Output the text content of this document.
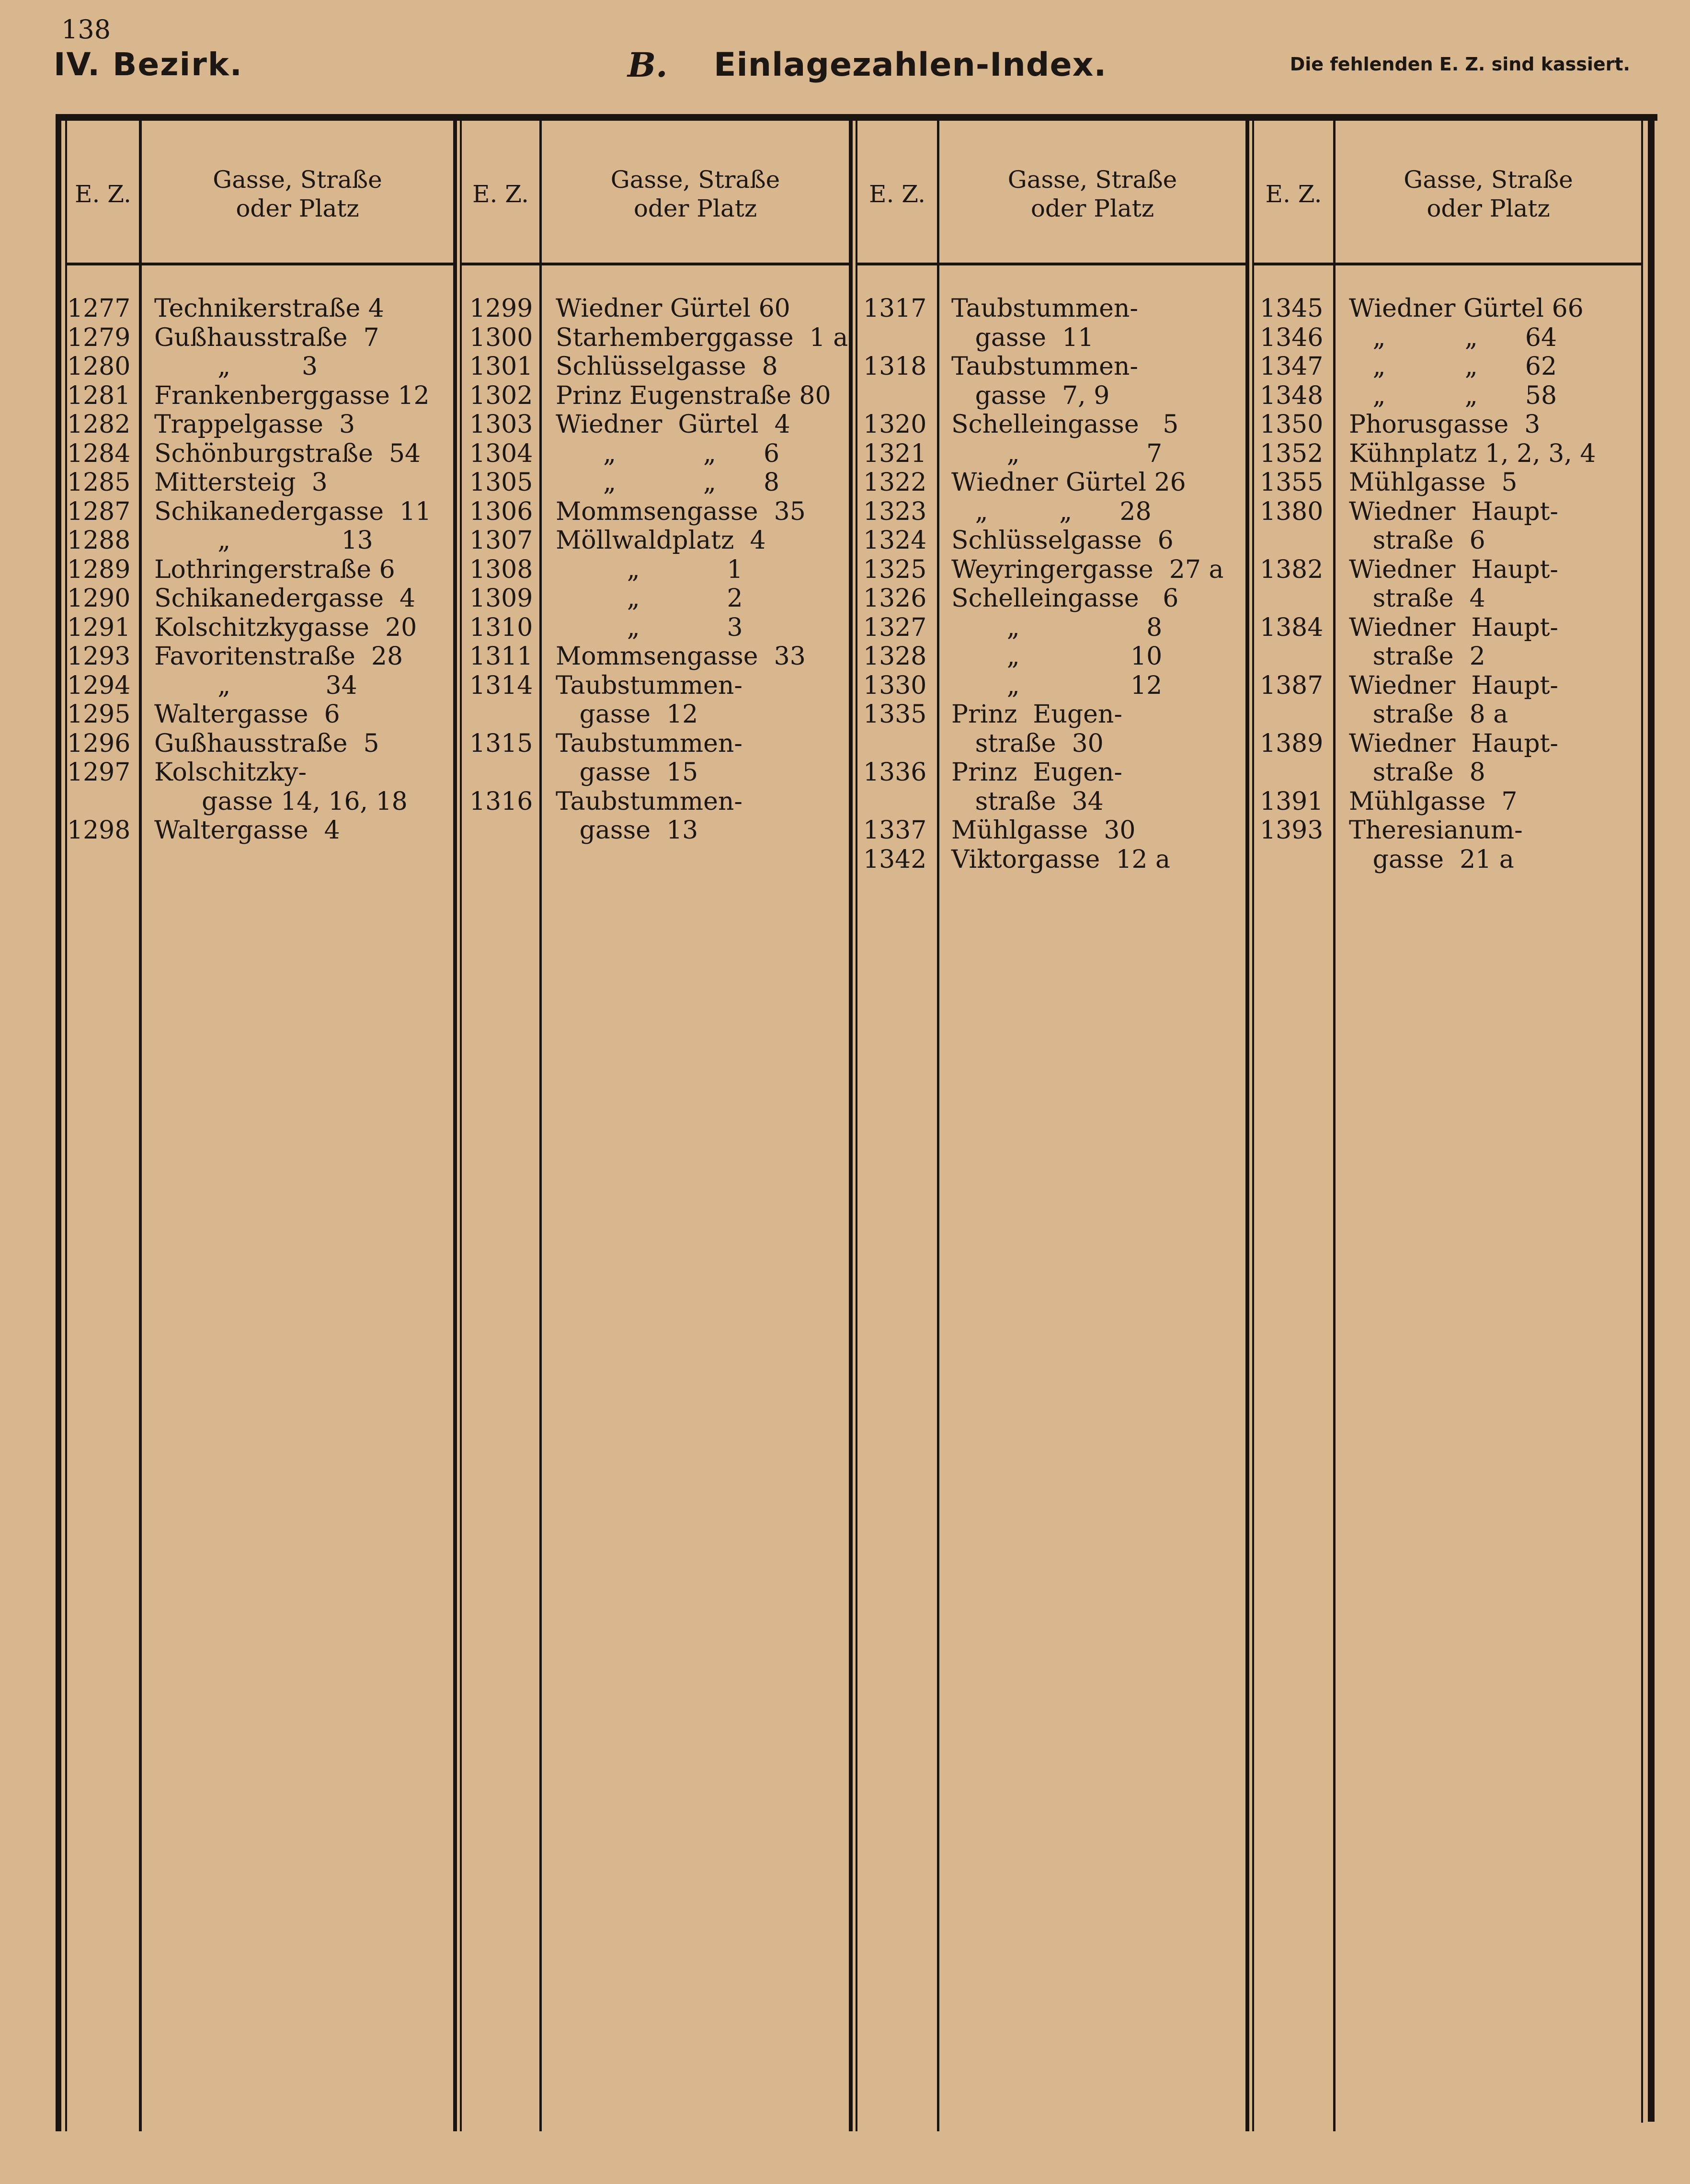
138
IV. Bezirk.	B. Einlagezahlen-Index.	Die fehlenden E. Z. sind kassiert.
E. Z.
Gasse, Straße
oder Platz
E. Z.
Gasse, Straße
oder Platz
E. Z.
Gasse, Straße
oder Platz
E. Z.
Gasse, Straße
oder Platz
1277 Technikerstraße 4
1279 Gußhausstraße  7
1280 „         3
1281 Frankenberggasse 12
1282 Trappelgasse  3
1284 Schönburgstraße  54
1285 Mittersteig  3
1287 Schikanedergasse  11
1288 „              13
1289 Lothringerstraße 6
1290 Schikanedergasse  4
1291 Kolschitzkygasse  20
1293 Favoritenstraße  28
1294 „            34
1295 Waltergasse  6
1296 Gußhausstraße  5
1297 Kolschitzky-
gasse 14, 16, 18
1298 Waltergasse  4
1299 Wiedner Gürtel 60
1300 Starhemberggasse  1 a
1301 Schlüsselgasse  8
1302 Prinz Eugenstraße 80
1303 Wiedner  Gürtel  4
1304 „           „      6
1305 „           „      8
1306 Mommsengasse  35
1307 Möllwaldplatz  4
1308 „           1
1309 „           2
1310 „           3
1311 Mommsengasse  33
1314 Taubstummen-
gasse  12
1315 Taubstummen-
gasse  15
1316 Taubstummen-
gasse  13
1317 Taubstummen-
gasse  11
1318 Taubstummen-
gasse  7, 9
1320 Schelleingasse   5
1321 „                7
1322 Wiedner Gürtel 26
1323 „         „      28
1324 Schlüsselgasse  6
1325 Weyringergasse  27 a
1326 Schelleingasse   6
1327 „                8
1328 „              10
1330 „              12
1335 Prinz  Eugen-
straße  30
1336 Prinz  Eugen-
straße  34
1337 Mühlgasse  30
1342 Viktorgasse  12 a
1345 Wiedner Gürtel 66
1346 „          „      64
1347 „          „      62
1348 „          „      58
1350 Phorusgasse  3
1352 Kühnplatz 1, 2, 3, 4
1355 Mühlgasse  5
1380 Wiedner  Haupt-
straße  6
1382 Wiedner  Haupt-
straße  4
1384 Wiedner  Haupt-
straße  2
1387 Wiedner  Haupt-
straße  8 a
1389 Wiedner  Haupt-
straße  8
1391 Mühlgasse  7
1393 Theresianum-
gasse  21 a
